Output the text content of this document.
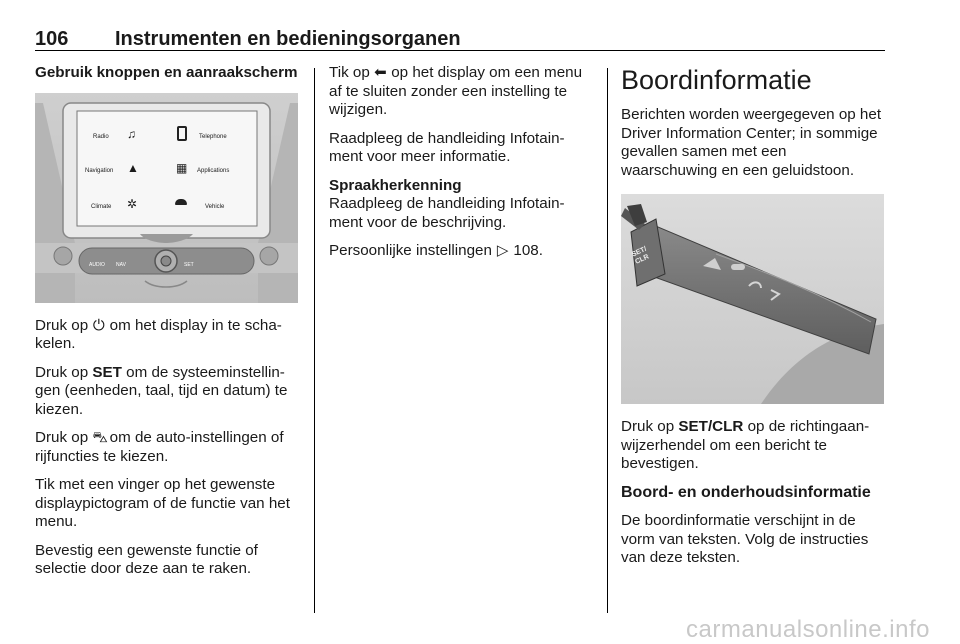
106 Instrumenten en bedieningsorganen

Gebruik knoppen en aanraakscherm

Radio ♫	Telephone
Navigation ▲	▦ Applications
Climate ✲	Vehicle
AUDIO NAV	SET

Druk op ⏻ om het display in te scha-kelen.

Druk op SET om de systeeminstellin-gen (eenheden, taal, tijd en datum) te kiezen.

Druk op ⛍ om de auto-instellingen of rijfuncties te kiezen.

Tik met een vinger op het gewenste displaypictogram of de functie van het menu.

Bevestig een gewenste functie of selectie door deze aan te raken.

Tik op ⬅ op het display om een menu af te sluiten zonder een instelling te wijzigen.

Raadpleeg de handleiding Infotain-ment voor meer informatie.

Spraakherkenning

Raadpleeg de handleiding Infotain-ment voor de beschrijving.

Persoonlijke instellingen ▷ 108.

Boordinformatie

Berichten worden weergegeven op het Driver Information Center; in sommige gevallen samen met een waarschuwing en een geluidstoon.

SET/ CLR

Druk op SET/CLR op de richtingaan-wijzerhendel om een bericht te bevestigen.

Boord- en onderhoudsinformatie

De boordinformatie verschijnt in de vorm van teksten. Volg de instructies van deze teksten.

carmanualsonline.info
